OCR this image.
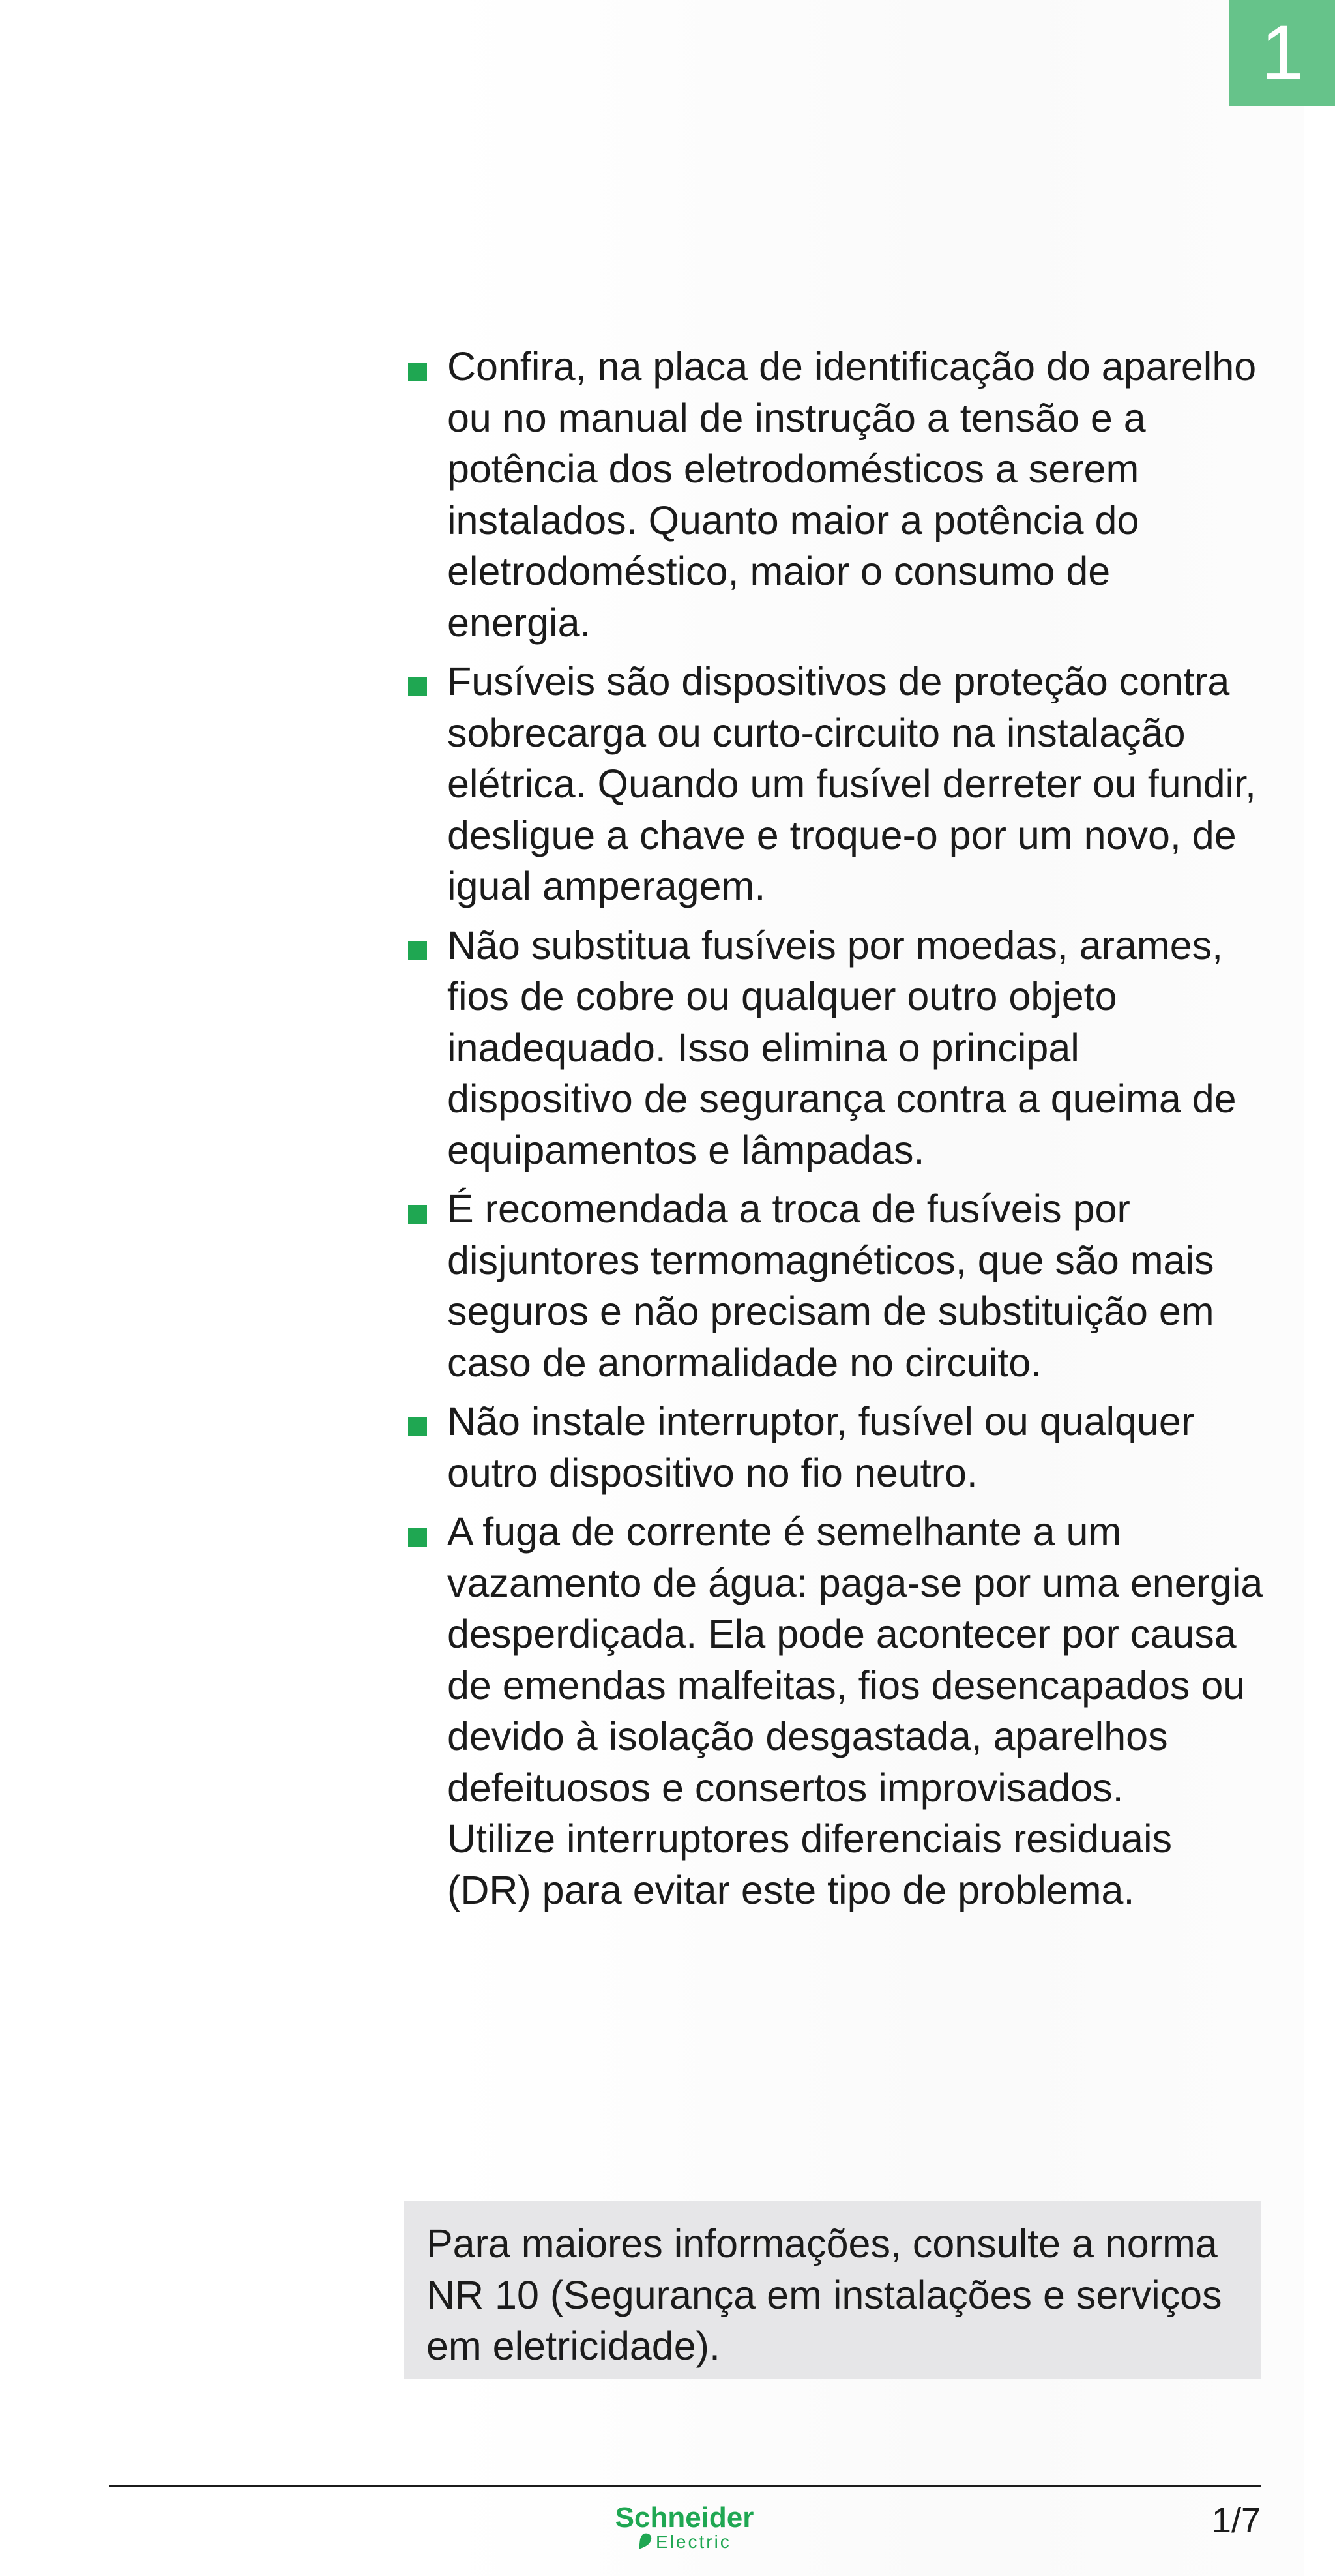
1
Confira, na placa de identificação do aparelho ou no manual de instrução a tensão e a potência dos eletrodomésticos a serem instalados. Quanto maior a potência do eletrodoméstico, maior o consumo de energia.
Fusíveis são dispositivos de proteção contra sobrecarga ou curto-circuito na instalação elétrica. Quando um fusível derreter ou fundir, desligue a chave e troque-o por um novo, de igual amperagem.
Não substitua fusíveis por moedas, arames, fios de cobre ou qualquer outro objeto inadequado. Isso elimina o principal dispositivo de segurança contra a queima de equipamentos e lâmpadas.
É recomendada a troca de fusíveis por disjuntores termomagnéticos, que são mais seguros e não precisam de substituição em caso de anormalidade no circuito.
Não instale interruptor, fusível ou qualquer outro dispositivo no fio neutro.
A fuga de corrente é semelhante a um vazamento de água: paga-se por uma energia desperdiçada. Ela pode acontecer por causa de emendas malfeitas, fios desencapados ou devido à isolação desgastada, aparelhos defeituosos e consertos improvisados.
Utilize interruptores diferenciais residuais (DR) para evitar este tipo de problema.
Para maiores informações, consulte a norma NR 10 (Segurança em instalações e serviços em eletricidade).
Schneider
Electric
1/7
